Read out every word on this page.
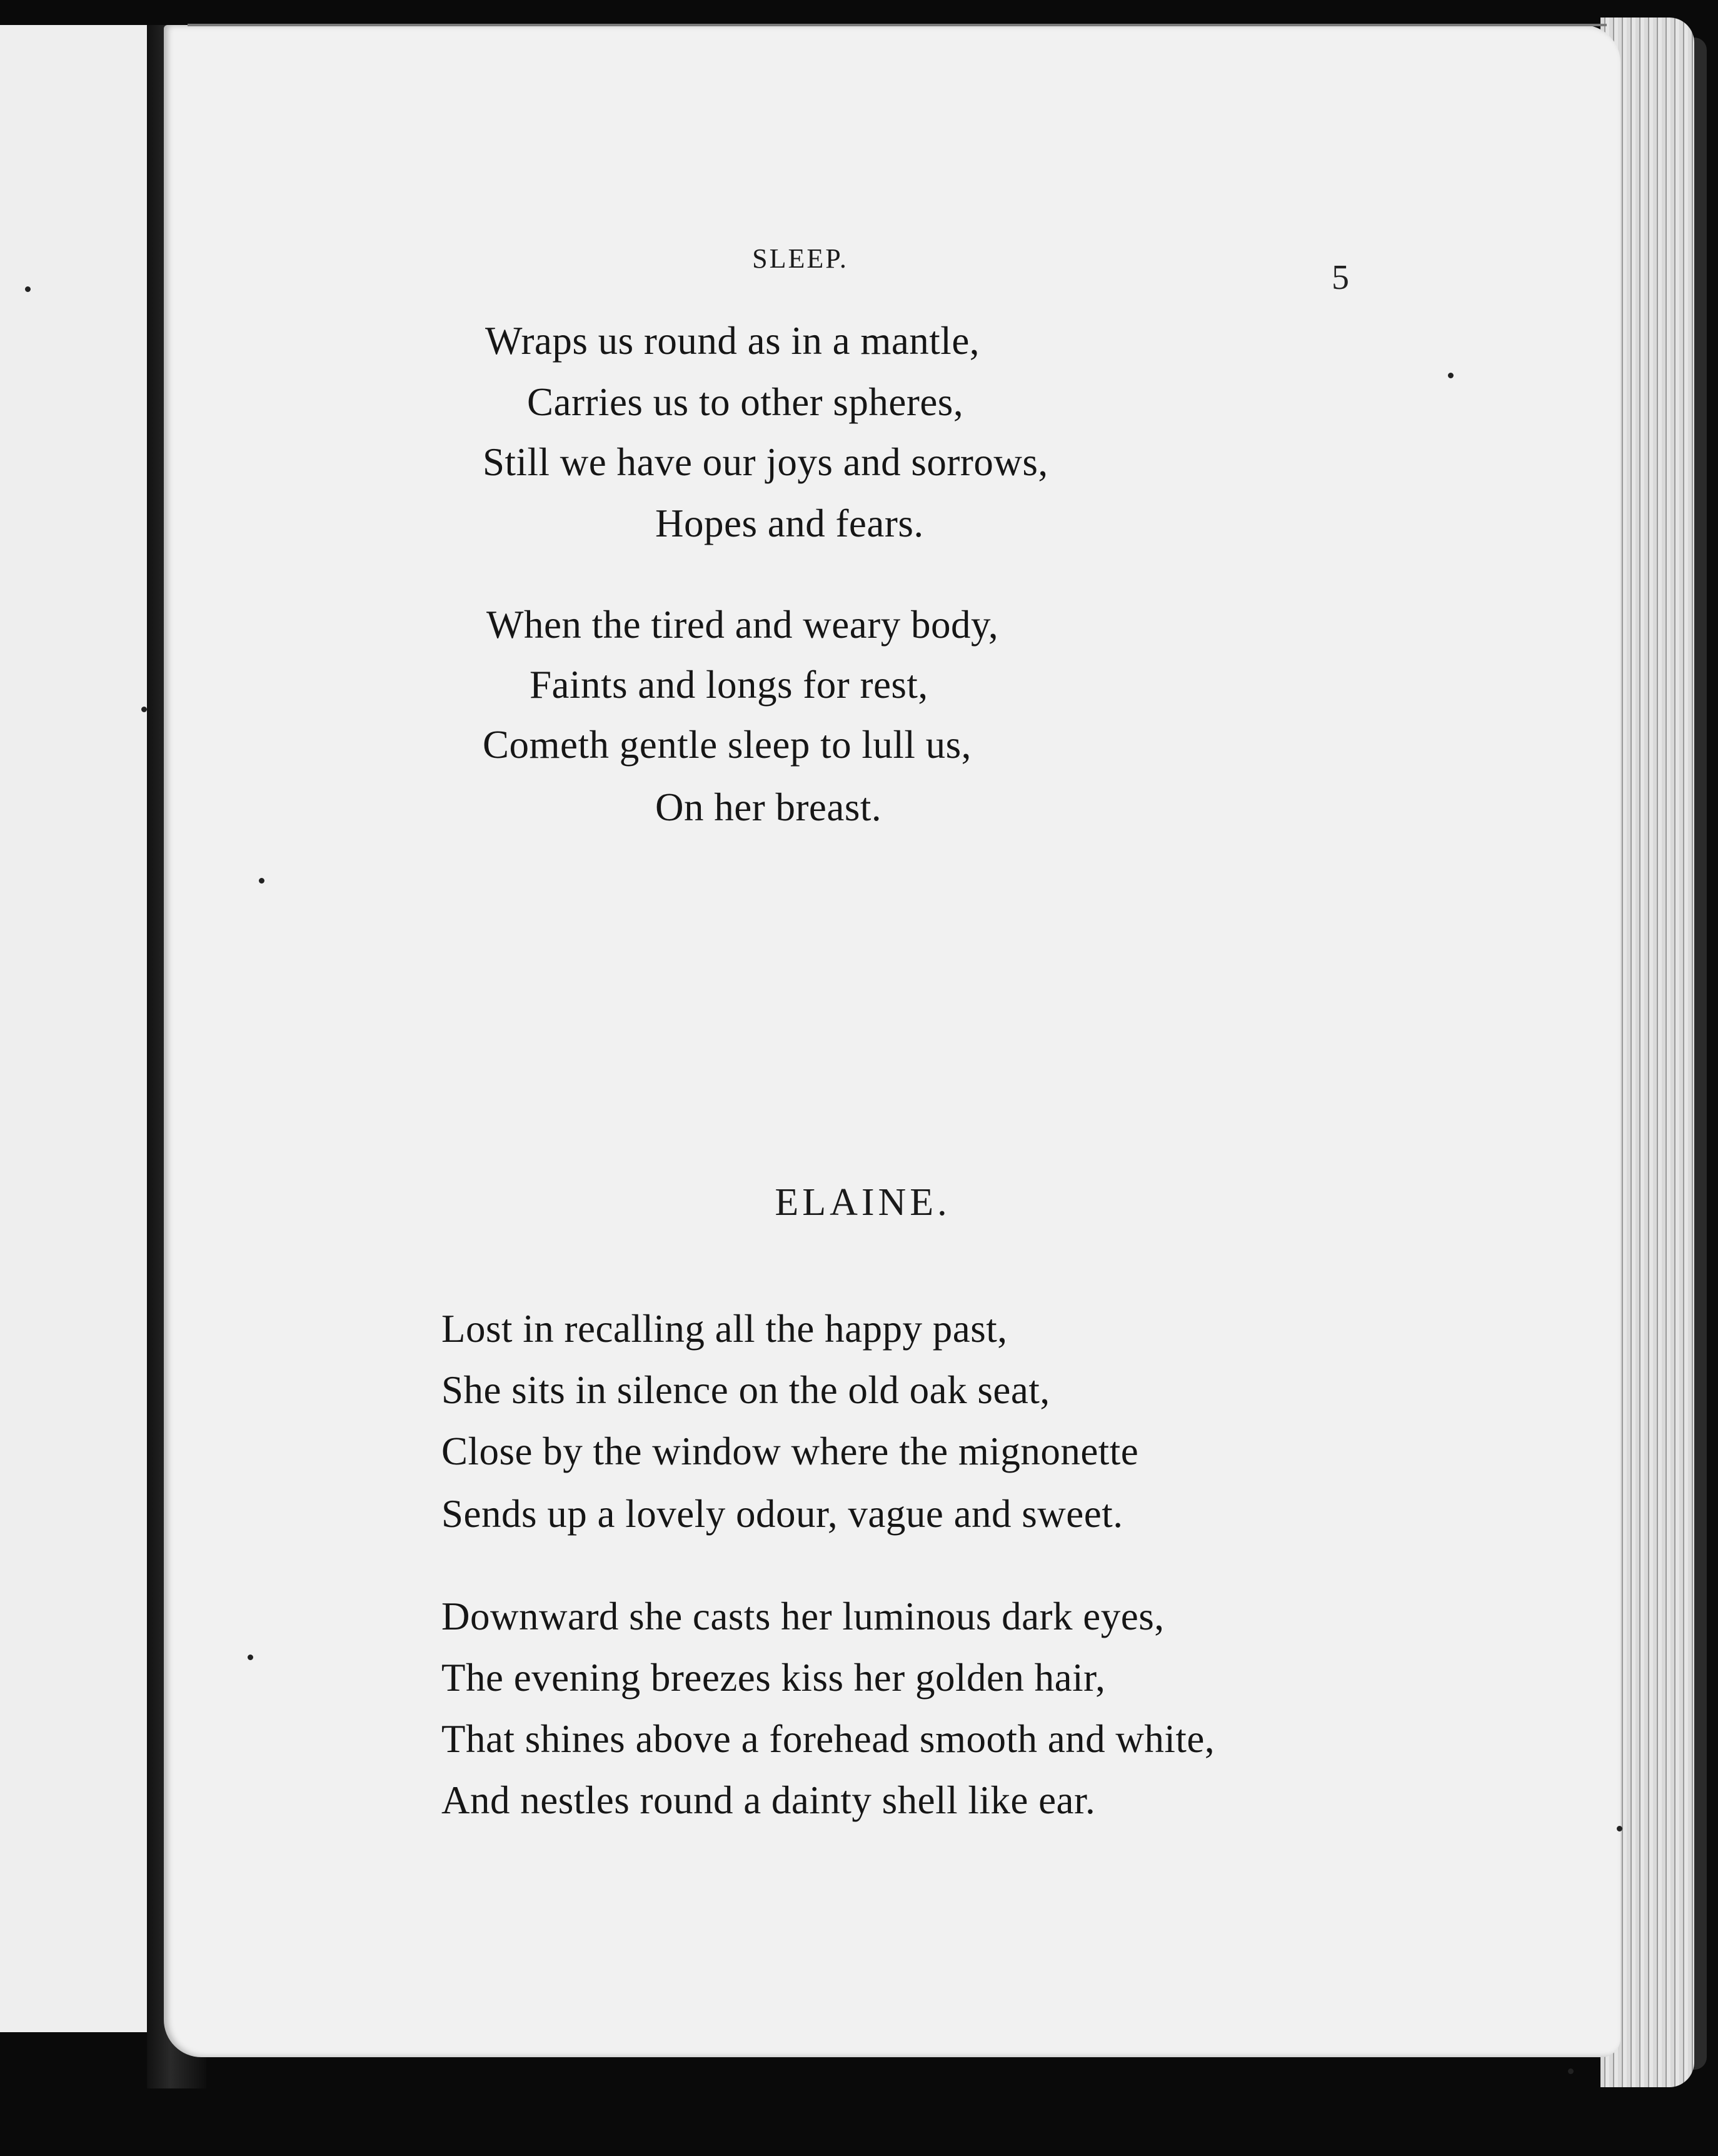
SLEEP.	5
Wraps us round as in a mantle,
Carries us to other spheres,
Still we have our joys and sorrows,
Hopes and fears.
When the tired and weary body,
Faints and longs for rest,
Cometh gentle sleep to lull us,
On her breast.
ELAINE.
Lost in recalling all the happy past,
She sits in silence on the old oak seat,
Close by the window where the mignonette
Sends up a lovely odour, vague and sweet.
Downward she casts her luminous dark eyes,
The evening breezes kiss her golden hair,
That shines above a forehead smooth and white,
And nestles round a dainty shell like ear.
